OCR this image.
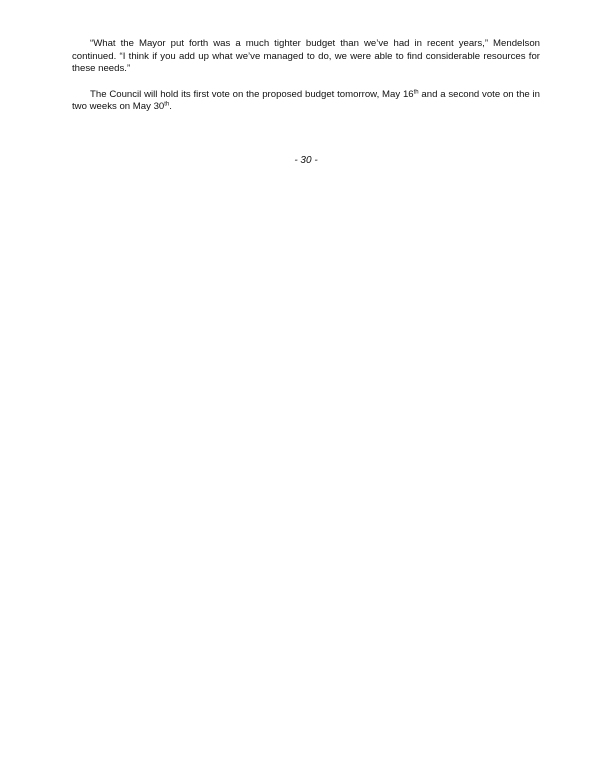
“What the Mayor put forth was a much tighter budget than we’ve had in recent years,” Mendelson continued. “I think if you add up what we’ve managed to do, we were able to find considerable resources for these needs.”

The Council will hold its first vote on the proposed budget tomorrow, May 16th and a second vote on the in two weeks on May 30th.

- 30 -
